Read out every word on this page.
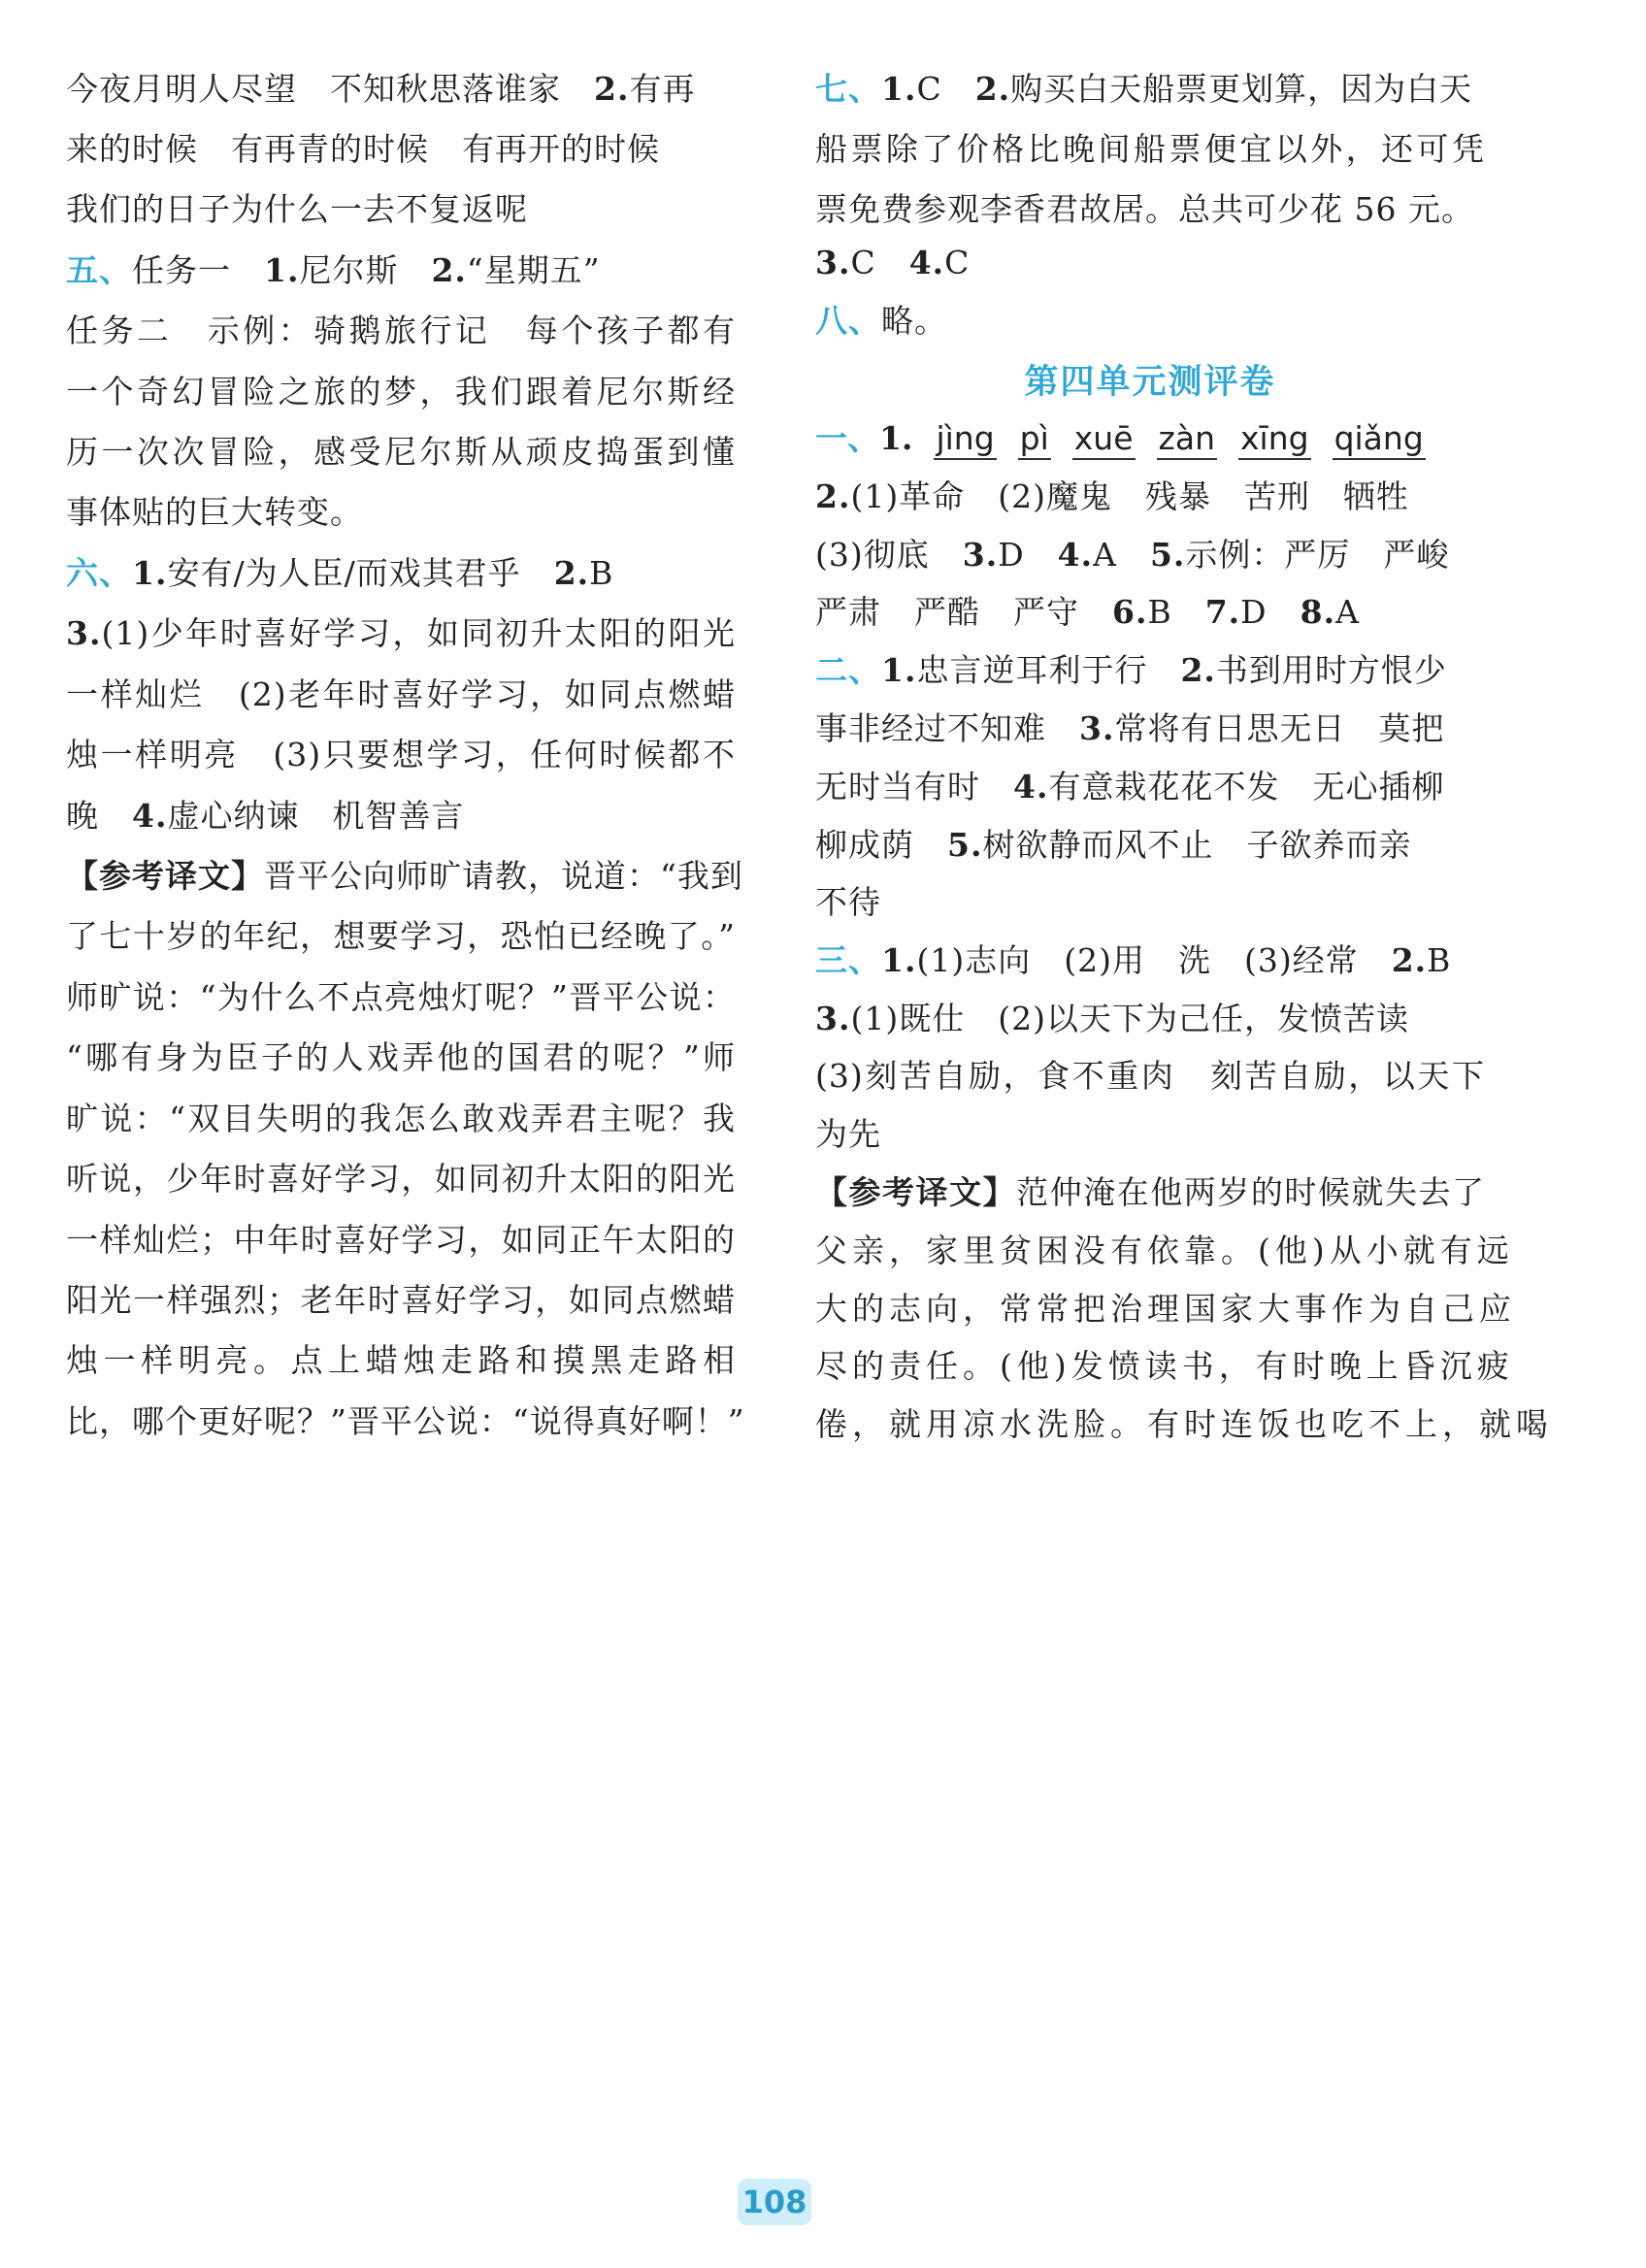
今夜月明人尽望　不知秋思落谁家　2.有再
来的时候　有再青的时候　有再开的时候
我们的日子为什么一去不复返呢
五、任务一　1.尼尔斯　2.“星期五”
任务二　示例：骑鹅旅行记　每个孩子都有
一个奇幻冒险之旅的梦，我们跟着尼尔斯经
历一次次冒险，感受尼尔斯从顽皮捣蛋到懂
事体贴的巨大转变。
六、1.安有/为人臣/而戏其君乎　2.B
3.(1)少年时喜好学习，如同初升太阳的阳光
一样灿烂　(2)老年时喜好学习，如同点燃蜡
烛一样明亮　(3)只要想学习，任何时候都不
晚　4.虚心纳谏　机智善言
【参考译文】晋平公向师旷请教，说道：“我到
了七十岁的年纪，想要学习，恐怕已经晚了。”
师旷说：“为什么不点亮烛灯呢？”晋平公说：
“哪有身为臣子的人戏弄他的国君的呢？”师
旷说：“双目失明的我怎么敢戏弄君主呢？我
听说，少年时喜好学习，如同初升太阳的阳光
一样灿烂；中年时喜好学习，如同正午太阳的
阳光一样强烈；老年时喜好学习，如同点燃蜡
烛一样明亮。点上蜡烛走路和摸黑走路相
比，哪个更好呢？”晋平公说：“说得真好啊！”
七、1.C　2.购买白天船票更划算，因为白天
船票除了价格比晚间船票便宜以外，还可凭
票免费参观李香君故居。总共可少花 56 元。
3.C　4.C
八、略。
第四单元测评卷
一、1. jìng pì xuē zàn xīng qiǎng
2.(1)革命　(2)魔鬼　残暴　苦刑　牺牲
(3)彻底　3.D　4.A　5.示例：严厉　严峻
严肃　严酷　严守　6.B　7.D　8.A
二、1.忠言逆耳利于行　2.书到用时方恨少
事非经过不知难　3.常将有日思无日　莫把
无时当有时　4.有意栽花花不发　无心插柳
柳成荫　5.树欲静而风不止　子欲养而亲
不待
三、1.(1)志向　(2)用　洗　(3)经常　2.B
3.(1)既仕　(2)以天下为己任，发愤苦读
(3)刻苦自励，食不重肉　刻苦自励，以天下
为先
【参考译文】范仲淹在他两岁的时候就失去了
父亲，家里贫困没有依靠。(他)从小就有远
大的志向，常常把治理国家大事作为自己应
尽的责任。(他)发愤读书，有时晚上昏沉疲
倦，就用凉水洗脸。有时连饭也吃不上，就喝
108
